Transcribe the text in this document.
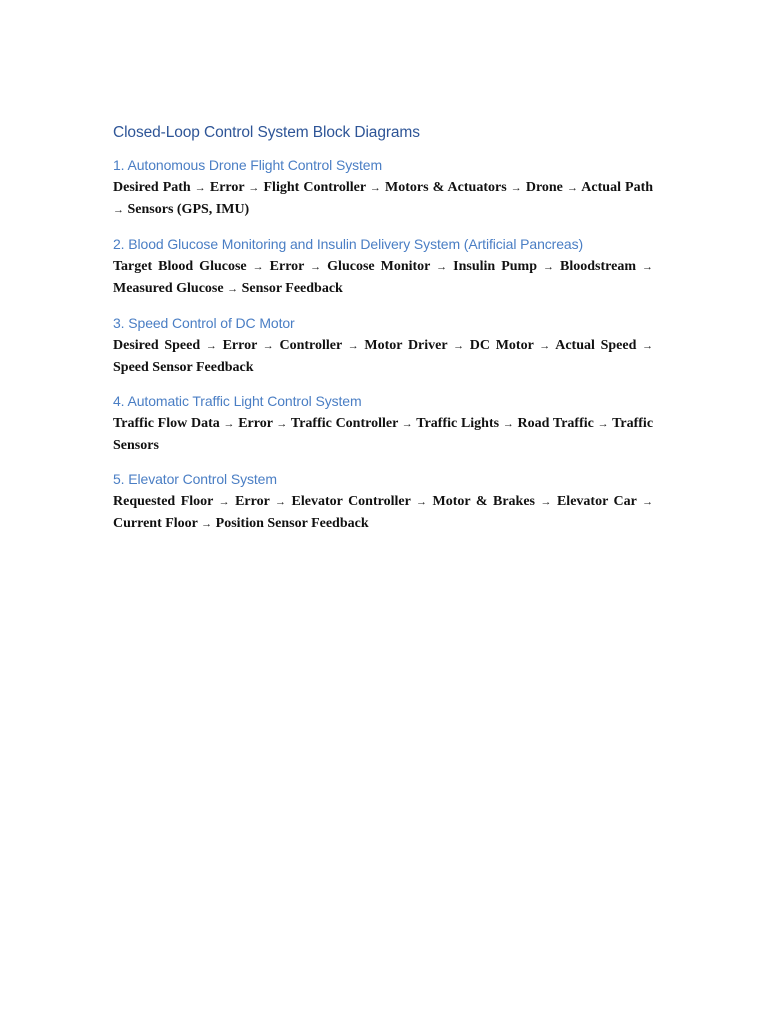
Closed-Loop Control System Block Diagrams
1. Autonomous Drone Flight Control System

Desired Path → Error → Flight Controller → Motors & Actuators → Drone → Actual Path → Sensors (GPS, IMU)

2. Blood Glucose Monitoring and Insulin Delivery System (Artificial Pancreas)

Target Blood Glucose → Error → Glucose Monitor → Insulin Pump → Bloodstream → Measured Glucose → Sensor Feedback

3. Speed Control of DC Motor

Desired Speed → Error → Controller → Motor Driver → DC Motor → Actual Speed → Speed Sensor Feedback

4. Automatic Traffic Light Control System

Traffic Flow Data → Error → Traffic Controller → Traffic Lights → Road Traffic → Traffic Sensors

5. Elevator Control System

Requested Floor → Error → Elevator Controller → Motor & Brakes → Elevator Car → Current Floor → Position Sensor Feedback
